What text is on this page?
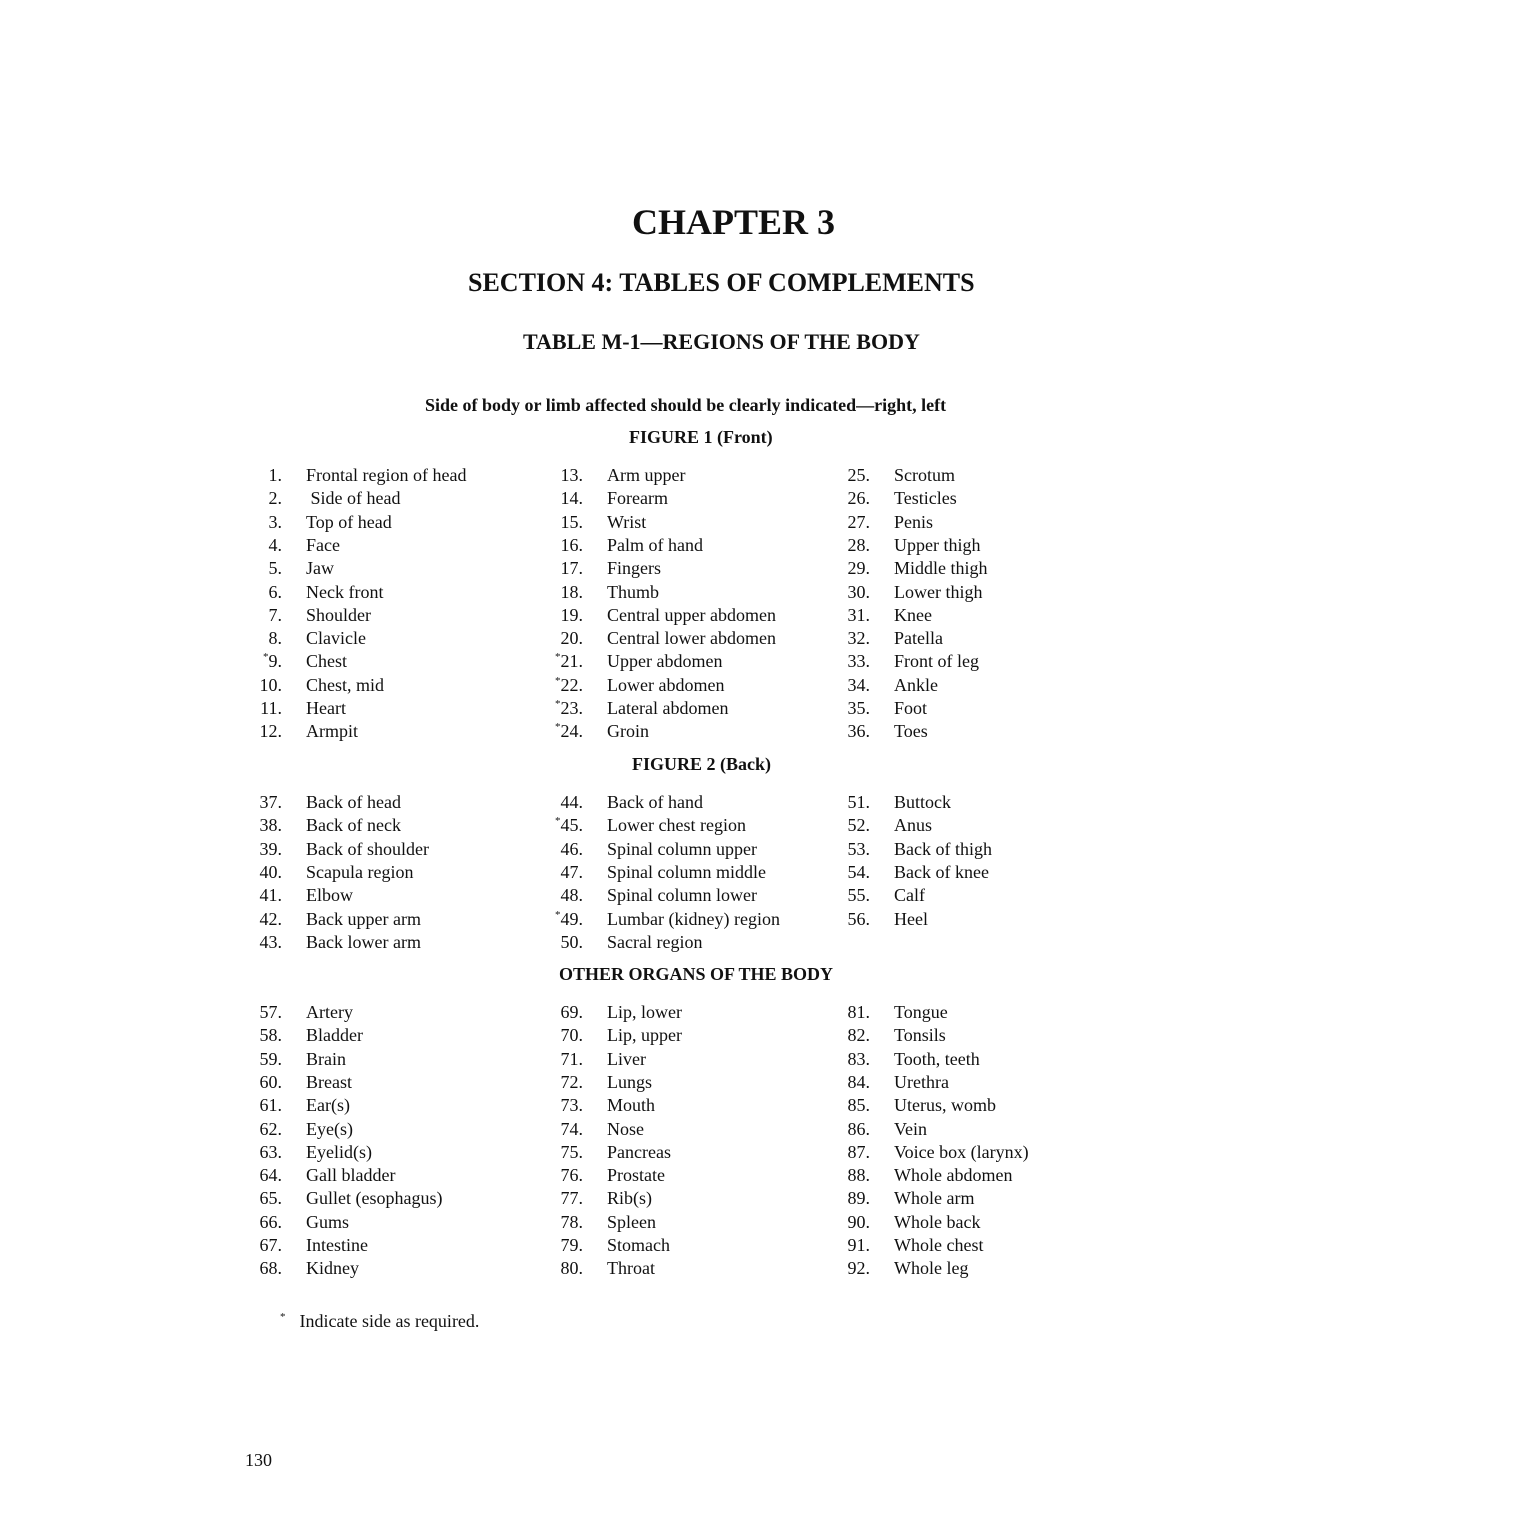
CHAPTER 3
SECTION 4: TABLES OF COMPLEMENTS
TABLE M-1—REGIONS OF THE BODY
Side of body or limb affected should be clearly indicated—right, left
FIGURE 1 (Front)
1. Frontal region of head
2. Side of head
3. Top of head
4. Face
5. Jaw
6. Neck front
7. Shoulder
8. Clavicle
*9. Chest
10. Chest, mid
11. Heart
12. Armpit
13. Arm upper
14. Forearm
15. Wrist
16. Palm of hand
17. Fingers
18. Thumb
19. Central upper abdomen
20. Central lower abdomen
*21. Upper abdomen
*22. Lower abdomen
*23. Lateral abdomen
*24. Groin
25. Scrotum
26. Testicles
27. Penis
28. Upper thigh
29. Middle thigh
30. Lower thigh
31. Knee
32. Patella
33. Front of leg
34. Ankle
35. Foot
36. Toes
FIGURE 2 (Back)
37. Back of head
38. Back of neck
39. Back of shoulder
40. Scapula region
41. Elbow
42. Back upper arm
43. Back lower arm
44. Back of hand
*45. Lower chest region
46. Spinal column upper
47. Spinal column middle
48. Spinal column lower
*49. Lumbar (kidney) region
50. Sacral region
51. Buttock
52. Anus
53. Back of thigh
54. Back of knee
55. Calf
56. Heel
OTHER ORGANS OF THE BODY
57. Artery
58. Bladder
59. Brain
60. Breast
61. Ear(s)
62. Eye(s)
63. Eyelid(s)
64. Gall bladder
65. Gullet (esophagus)
66. Gums
67. Intestine
68. Kidney
69. Lip, lower
70. Lip, upper
71. Liver
72. Lungs
73. Mouth
74. Nose
75. Pancreas
76. Prostate
77. Rib(s)
78. Spleen
79. Stomach
80. Throat
81. Tongue
82. Tonsils
83. Tooth, teeth
84. Urethra
85. Uterus, womb
86. Vein
87. Voice box (larynx)
88. Whole abdomen
89. Whole arm
90. Whole back
91. Whole chest
92. Whole leg
* Indicate side as required.
130
